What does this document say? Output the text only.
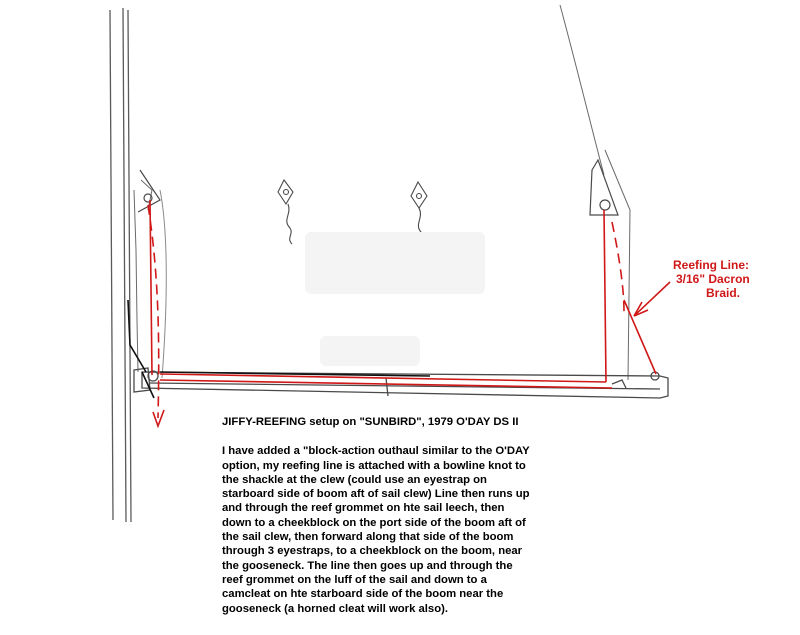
Reefing Line:
3/16" Dacron
Braid.
JIFFY-REEFING setup on "SUNBIRD", 1979 O'DAY DS II
I have added a "block-action outhaul similar to the O'DAY
option, my reefing line is attached with a bowline knot to
the shackle at the clew (could use an eyestrap on
starboard side of boom aft of sail clew) Line then runs up
and through the reef grommet on hte sail leech, then
down to a cheekblock on the port side of the boom aft of
the sail clew, then forward along that side of the boom
through 3 eyestraps, to a cheekblock on the boom, near
the gooseneck. The line then goes up and through the
reef grommet on the luff of the sail and down to a
camcleat on hte starboard side of the boom near the
gooseneck (a horned cleat will work also).
